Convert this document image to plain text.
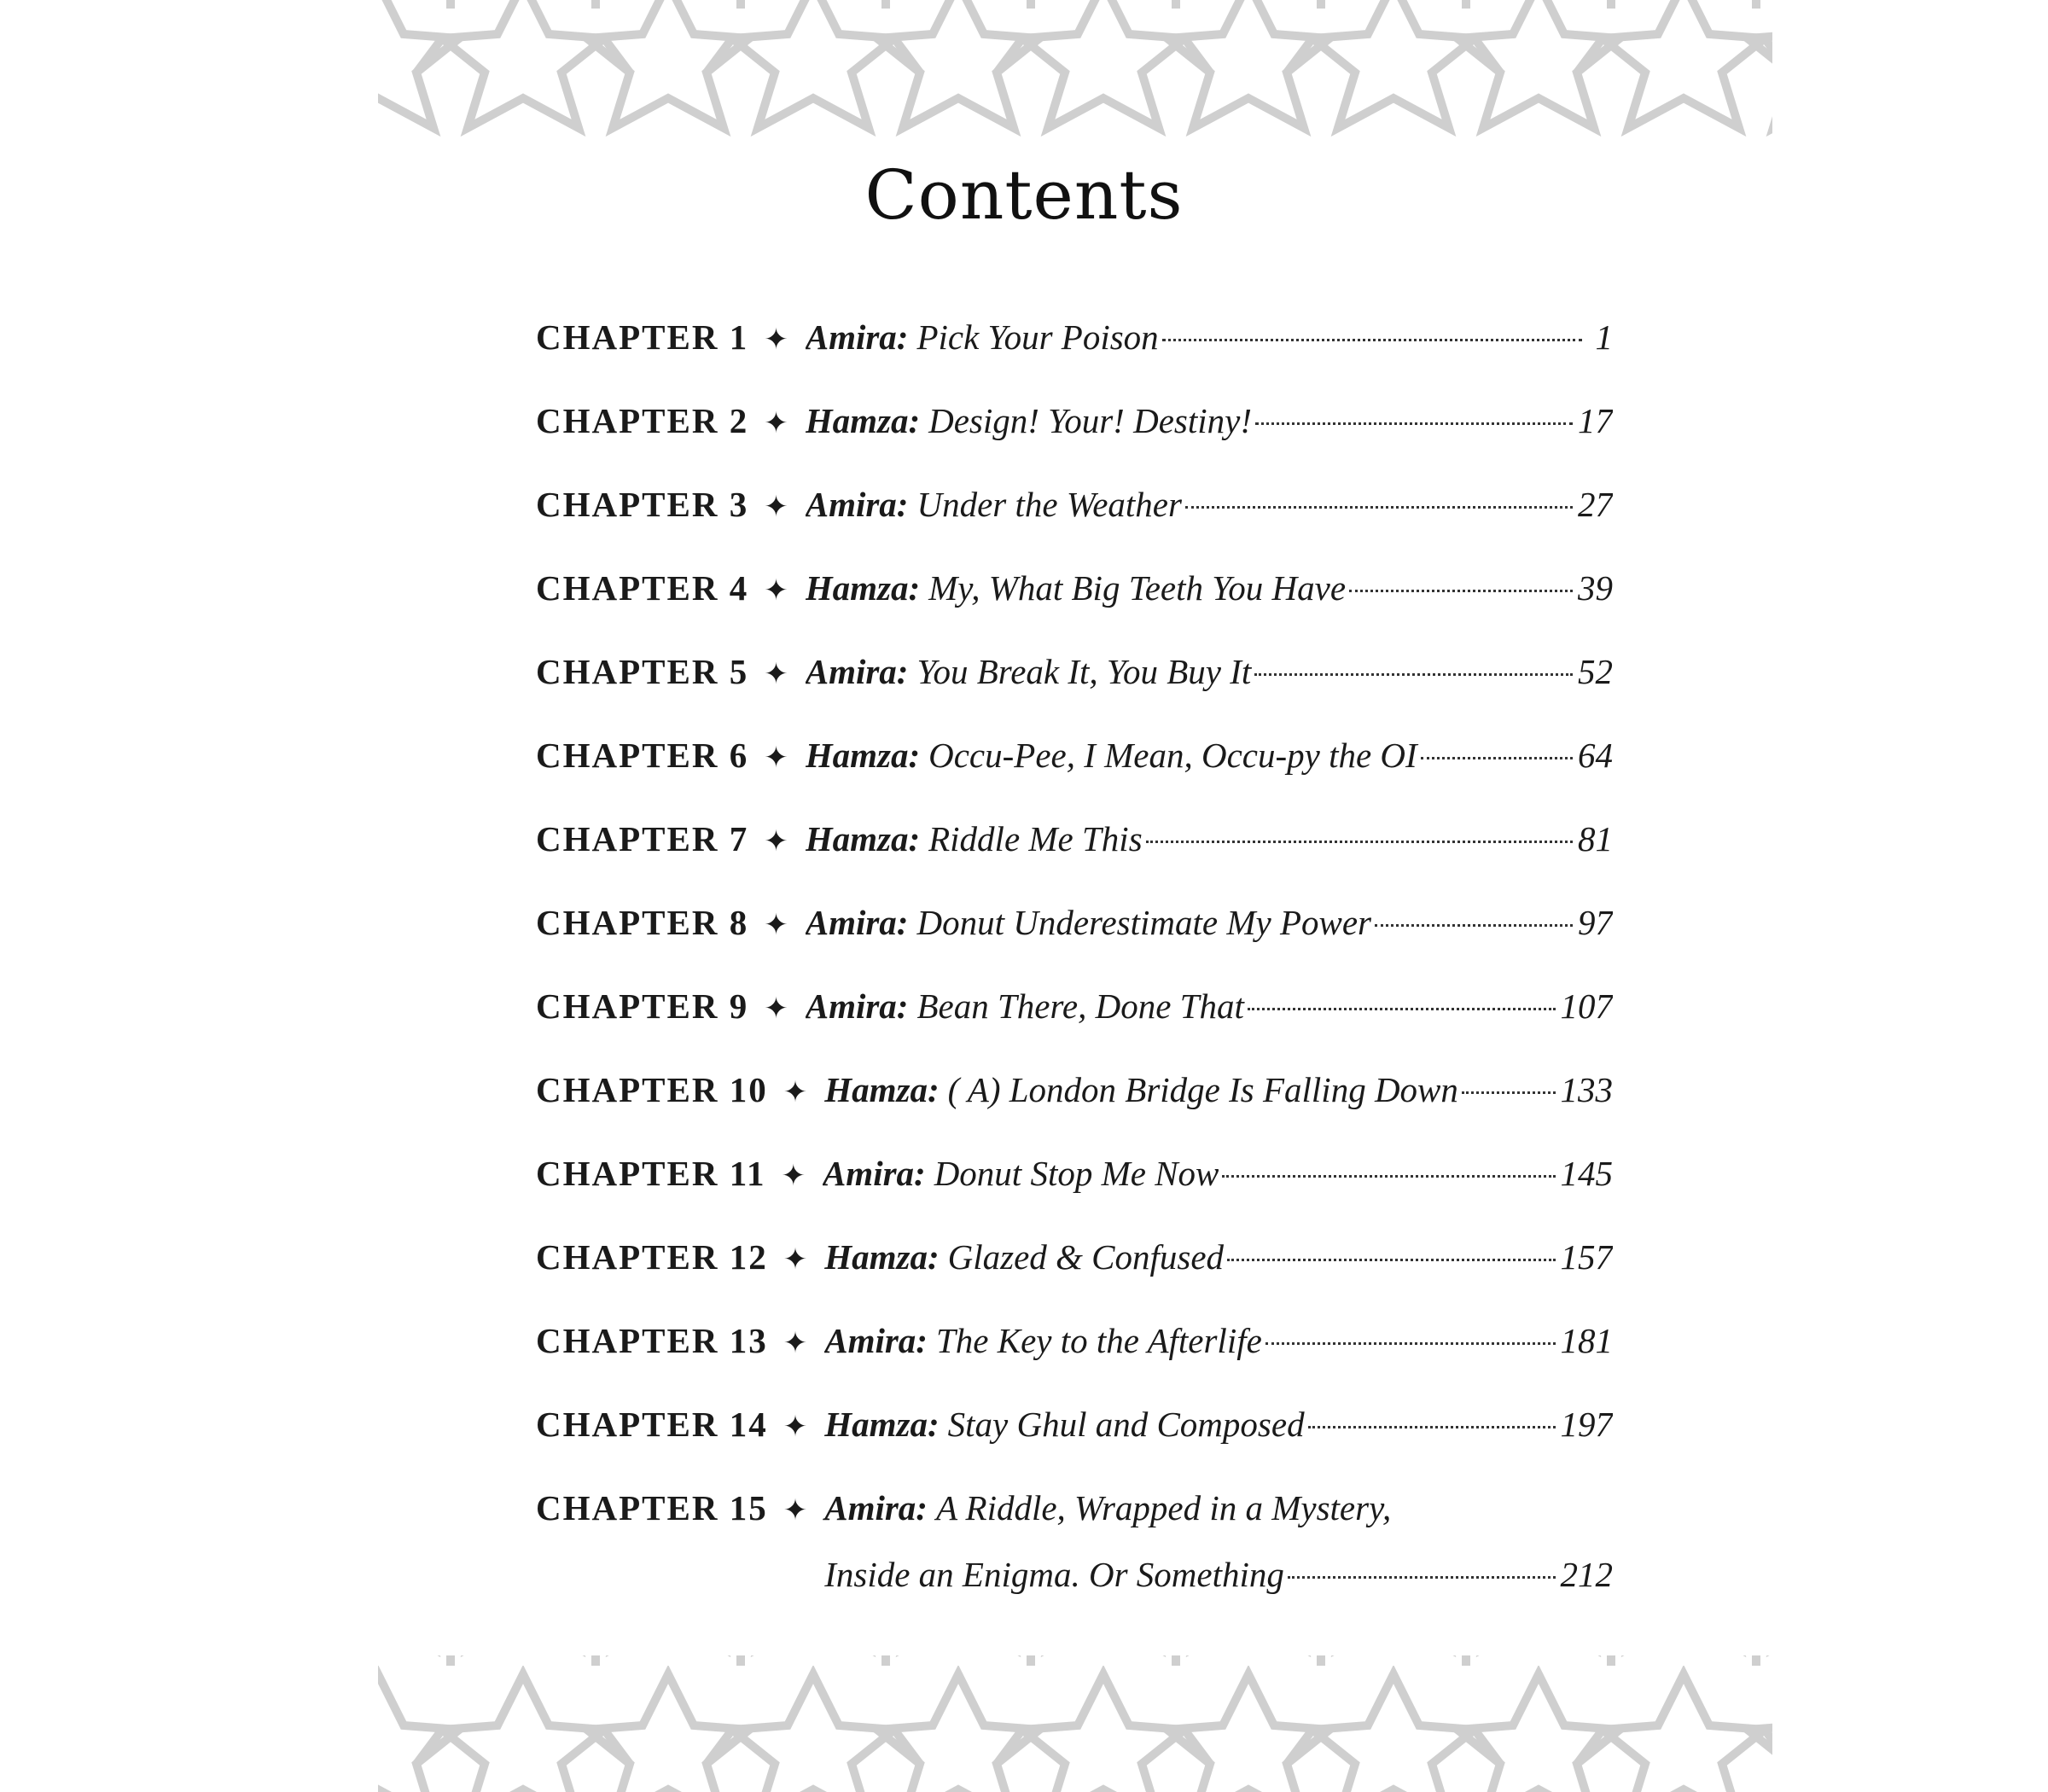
Contents
CHAPTER 1 ✦ Amira: Pick Your Poison	1
CHAPTER 2 ✦ Hamza: Design! Your! Destiny!	17
CHAPTER 3 ✦ Amira: Under the Weather	27
CHAPTER 4 ✦ Hamza: My, What Big Teeth You Have	39
CHAPTER 5 ✦ Amira: You Break It, You Buy It	52
CHAPTER 6 ✦ Hamza: Occu-Pee, I Mean, Occu-py the OI	64
CHAPTER 7 ✦ Hamza: Riddle Me This	81
CHAPTER 8 ✦ Amira: Donut Underestimate My Power	97
CHAPTER 9 ✦ Amira: Bean There, Done That	107
CHAPTER 10 ✦ Hamza: ( A) London Bridge Is Falling Down	133
CHAPTER 11 ✦ Amira: Donut Stop Me Now	145
CHAPTER 12 ✦ Hamza: Glazed & Confused	157
CHAPTER 13 ✦ Amira: The Key to the Afterlife	181
CHAPTER 14 ✦ Hamza: Stay Ghul and Composed	197
CHAPTER 15 ✦ Amira: A Riddle, Wrapped in a Mystery,
Inside an Enigma. Or Something	212
